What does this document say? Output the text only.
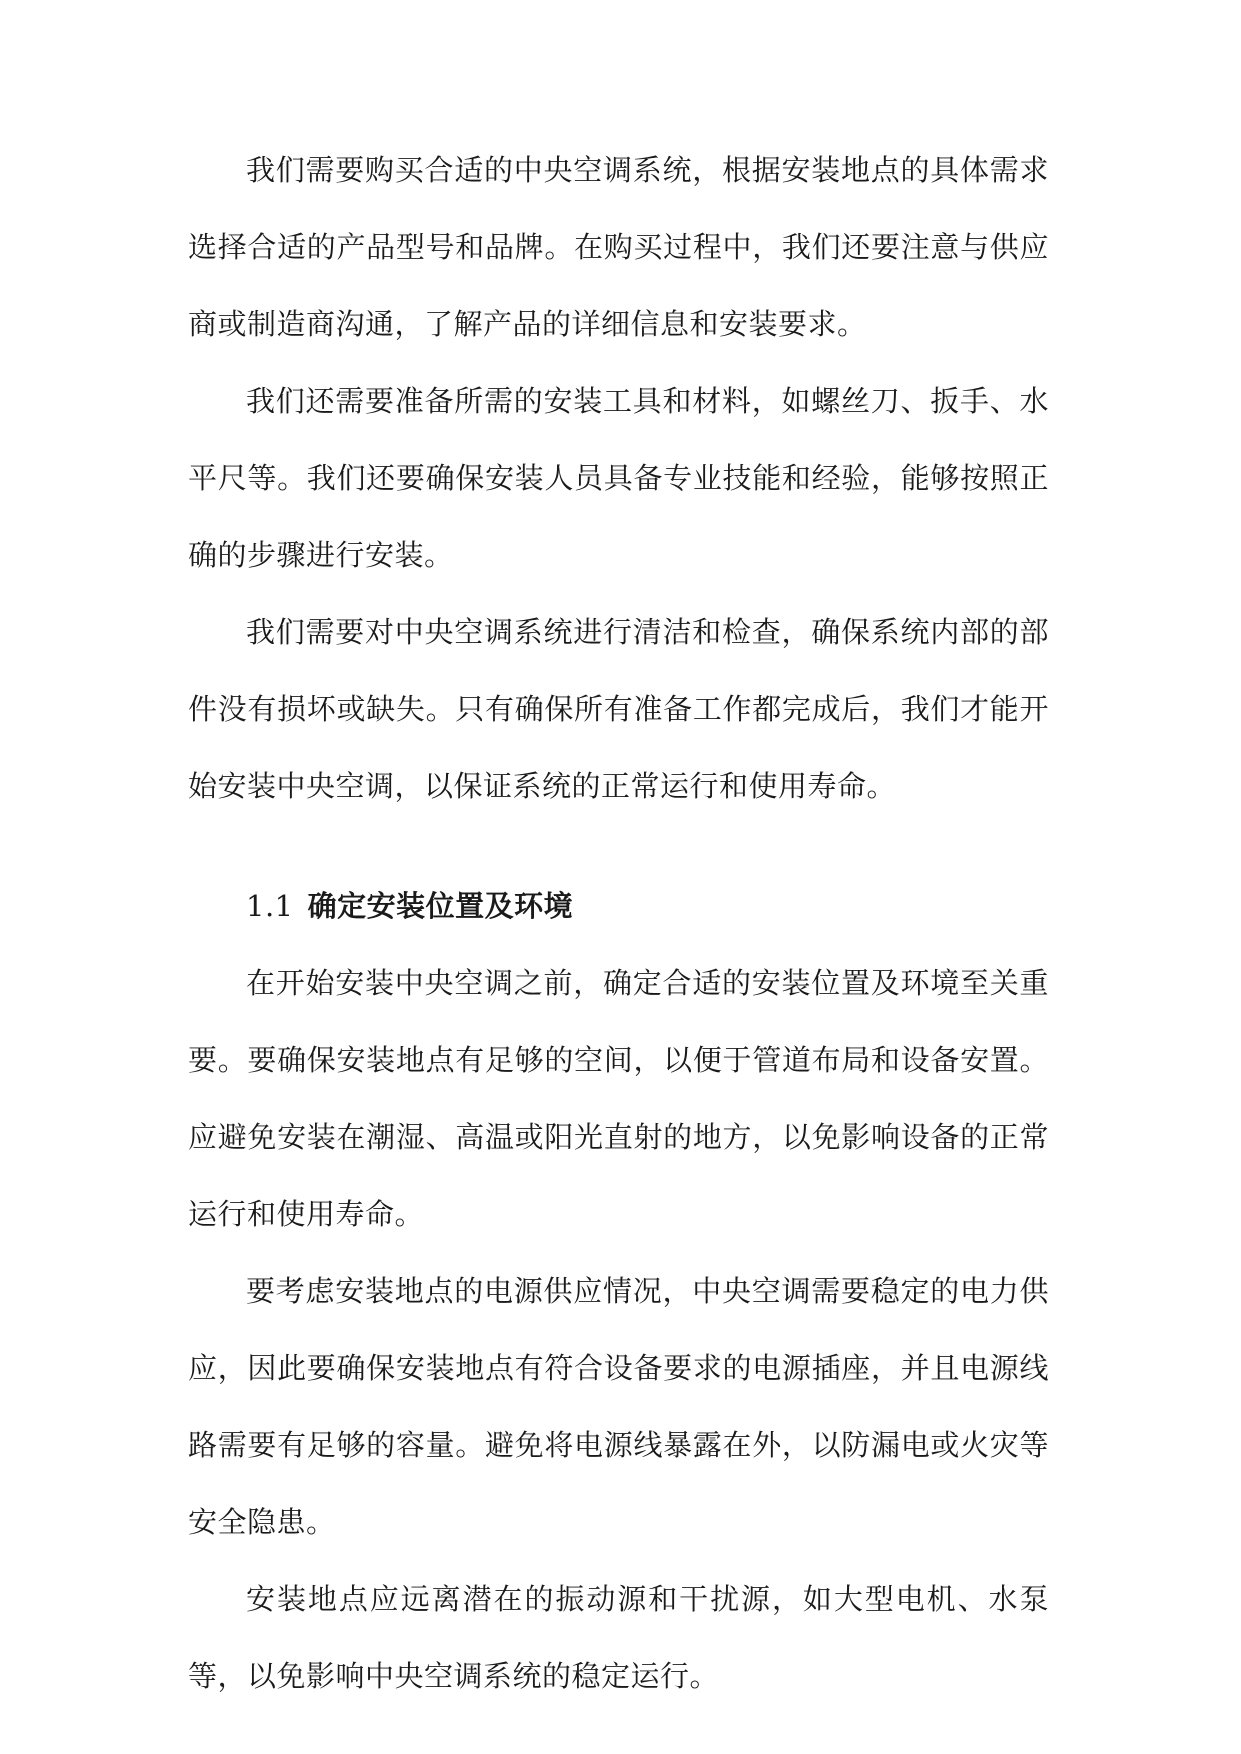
我们需要购买合适的中央空调系统，根据安装地点的具体需求选择合适的产品型号和品牌。在购买过程中，我们还要注意与供应商或制造商沟通，了解产品的详细信息和安装要求。

我们还需要准备所需的安装工具和材料，如螺丝刀、扳手、水平尺等。我们还要确保安装人员具备专业技能和经验，能够按照正确的步骤进行安装。

我们需要对中央空调系统进行清洁和检查，确保系统内部的部件没有损坏或缺失。只有确保所有准备工作都完成后，我们才能开始安装中央空调，以保证系统的正常运行和使用寿命。

1.1 确定安装位置及环境

在开始安装中央空调之前，确定合适的安装位置及环境至关重要。要确保安装地点有足够的空间，以便于管道布局和设备安置。应避免安装在潮湿、高温或阳光直射的地方，以免影响设备的正常运行和使用寿命。

要考虑安装地点的电源供应情况，中央空调需要稳定的电力供应，因此要确保安装地点有符合设备要求的电源插座，并且电源线路需要有足够的容量。避免将电源线暴露在外，以防漏电或火灾等安全隐患。

安装地点应远离潜在的振动源和干扰源，如大型电机、水泵等，以免影响中央空调系统的稳定运行。
